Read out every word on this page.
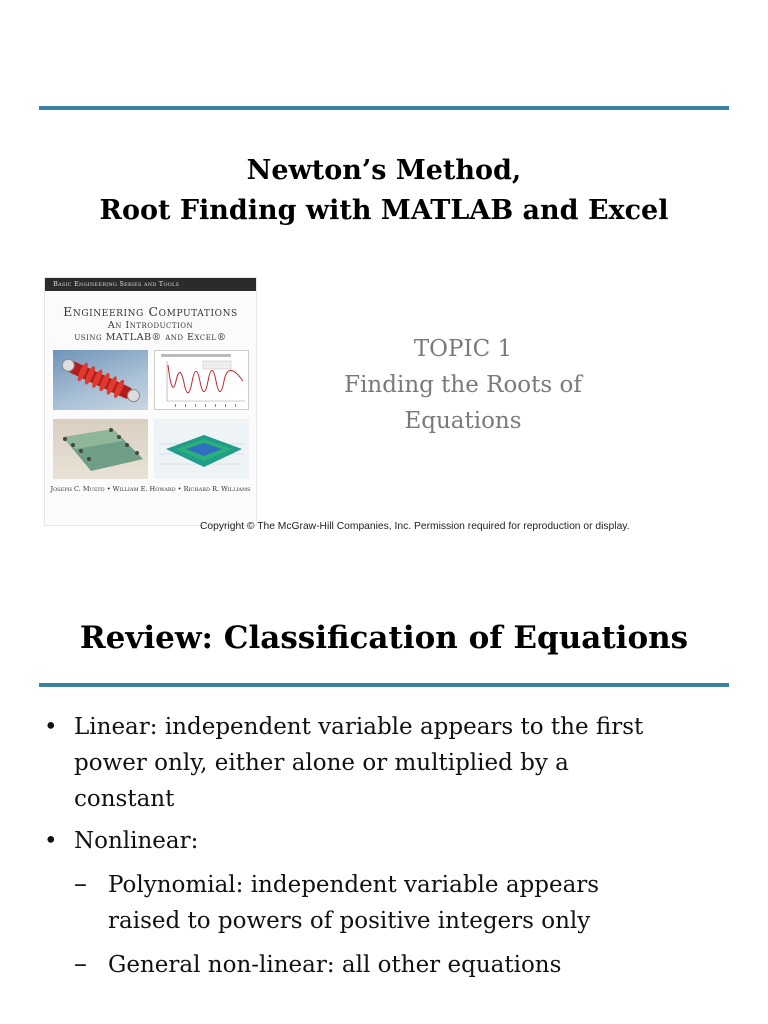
Newton’s Method,
Root Finding with MATLAB and Excel
Basic Engineering Series and Tools
Engineering Computations
An Introduction
using MATLAB® and Excel®
Joseph C. Musto • William E. Howard • Richard R. Williams
TOPIC 1
Finding the Roots of
Equations
Copyright © The McGraw-Hill Companies, Inc. Permission required for reproduction or display.
Review: Classification of Equations
• Linear: independent variable appears to the first
power only, either alone or multiplied by a
constant
• Nonlinear:
– Polynomial: independent variable appears
raised to powers of positive integers only
– General non-linear: all other equations
